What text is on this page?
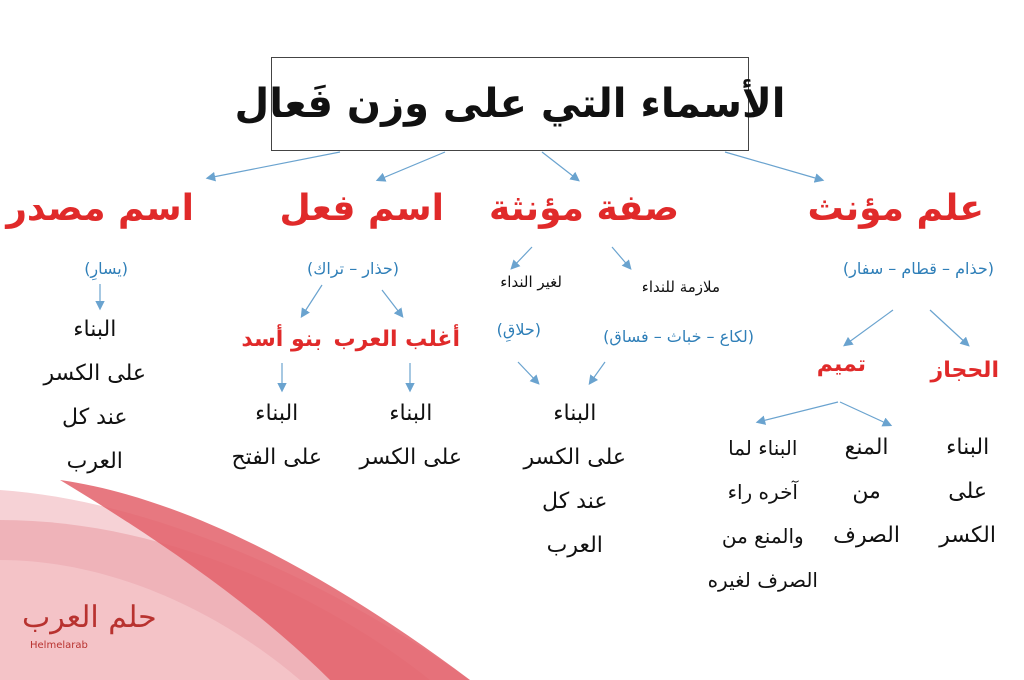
الأسماء التي على وزن فَعال
علم مؤنث
صفة مؤنثة
اسم فعل
اسم مصدر
(حذام – قطام – سفار)
الحجاز
تميم
البناء
على
الكسر
المنع
من
الصرف
البناء لما
آخره راء
والمنع من
الصرف لغيره
ملازمة للنداء
لغير النداء
(لكاع – خباث – فساق)
(حلاقِ)
البناء
على الكسر
عند كل
العرب
(حذار – تراك)
أغلب العرب
بنو أسد
البناء
على الكسر
البناء
على الفتح
(يسارِ)
البناء
على الكسر
عند كل
العرب
حلم العرب
Helmelarab
